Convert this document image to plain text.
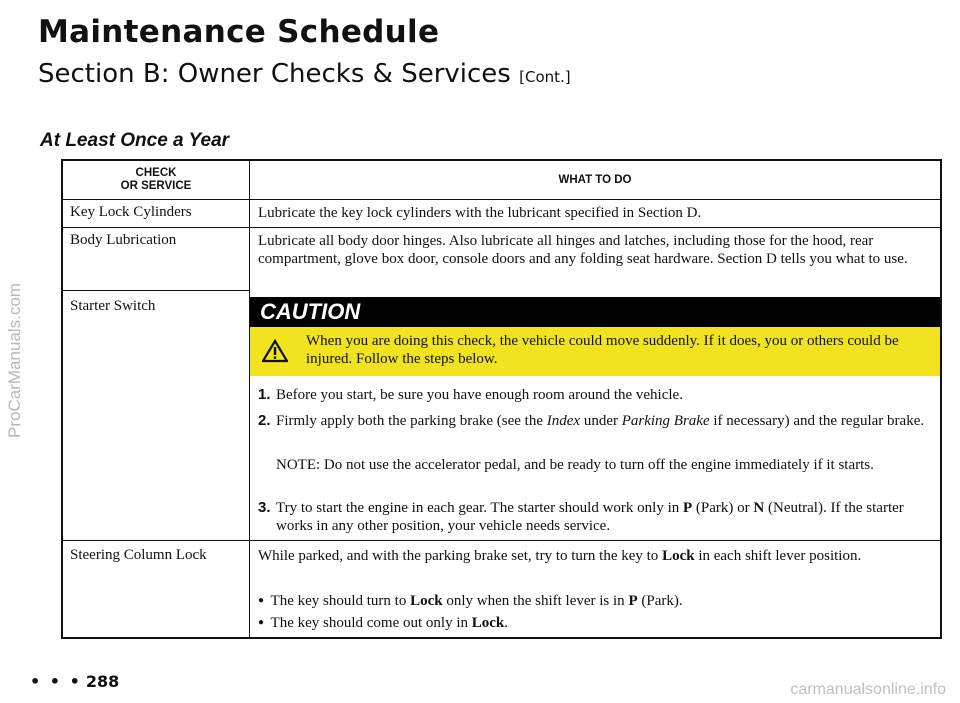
Maintenance Schedule
Section B: Owner Checks & Services [Cont.]
At Least Once a Year
ProCarManuals.com
CHECK
OR SERVICE	WHAT TO DO
Key Lock Cylinders	Lubricate the key lock cylinders with the lubricant specified in Section D.
Body Lubrication	Lubricate all body door hinges. Also lubricate all hinges and latches, including those for the hood, rear compartment, glove box door, console doors and any folding seat hardware. Section D tells you what to use.
Starter Switch	CAUTION
When you are doing this check, the vehicle could move suddenly. If it does, you or others could be injured. Follow the steps below.
1. Before you start, be sure you have enough room around the vehicle.
2. Firmly apply both the parking brake (see the Index under Parking Brake if necessary) and the regular brake.
NOTE: Do not use the accelerator pedal, and be ready to turn off the engine immediately if it starts.
3. Try to start the engine in each gear. The starter should work only in P (Park) or N (Neutral). If the starter works in any other position, your vehicle needs service.
Steering Column Lock	While parked, and with the parking brake set, try to turn the key to Lock in each shift lever position.
● The key should turn to Lock only when the shift lever is in P (Park).
● The key should come out only in Lock.
• • • 288	carmanualsonline.info
